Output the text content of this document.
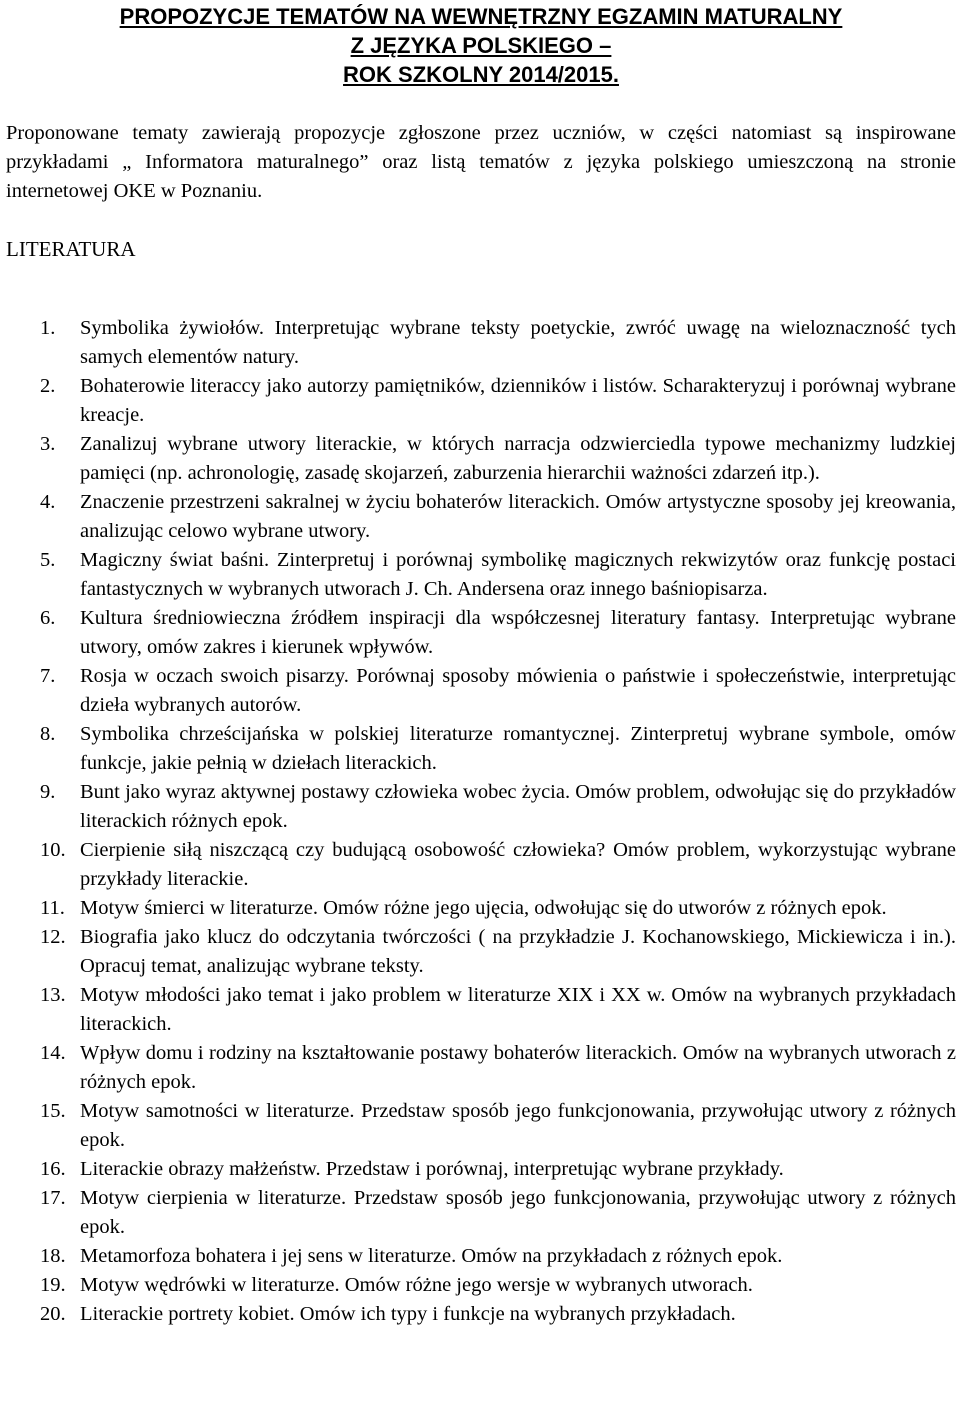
PROPOZYCJE TEMATÓW NA WEWNĘTRZNY EGZAMIN MATURALNY
Z JĘZYKA POLSKIEGO –
ROK SZKOLNY 2014/2015.

Proponowane tematy zawierają propozycje zgłoszone przez uczniów, w części natomiast są inspirowane przykładami „ Informatora maturalnego” oraz listą tematów z języka polskiego umieszczoną na stronie internetowej OKE w Poznaniu.

LITERATURA

1. Symbolika żywiołów. Interpretując wybrane teksty poetyckie, zwróć uwagę na wieloznaczność tych samych elementów natury.
2. Bohaterowie literaccy jako autorzy pamiętników, dzienników i listów. Scharakteryzuj i porównaj wybrane kreacje.
3. Zanalizuj wybrane utwory literackie, w których narracja odzwierciedla typowe mechanizmy ludzkiej pamięci (np. achronologię, zasadę skojarzeń, zaburzenia hierarchii ważności zdarzeń itp.).
4. Znaczenie przestrzeni sakralnej w życiu bohaterów literackich. Omów artystyczne sposoby jej kreowania, analizując celowo wybrane utwory.
5. Magiczny świat baśni. Zinterpretuj i porównaj symbolikę magicznych rekwizytów oraz funkcję postaci fantastycznych w wybranych utworach J. Ch. Andersena oraz innego baśniopisarza.
6. Kultura średniowieczna źródłem inspiracji dla współczesnej literatury fantasy. Interpretując wybrane utwory, omów zakres i kierunek wpływów.
7. Rosja w oczach swoich pisarzy. Porównaj sposoby mówienia o państwie i społeczeństwie, interpretując dzieła wybranych autorów.
8. Symbolika chrześcijańska w polskiej literaturze romantycznej. Zinterpretuj wybrane symbole, omów funkcje, jakie pełnią w dziełach literackich.
9. Bunt jako wyraz aktywnej postawy człowieka wobec życia. Omów problem, odwołując się do przykładów literackich różnych epok.
10. Cierpienie siłą niszczącą czy budującą osobowość człowieka? Omów problem, wykorzystując wybrane przykłady literackie.
11. Motyw śmierci w literaturze. Omów różne jego ujęcia, odwołując się do utworów z różnych epok.
12. Biografia jako klucz do odczytania twórczości ( na przykładzie J. Kochanowskiego, Mickiewicza i in.). Opracuj temat, analizując wybrane teksty.
13. Motyw młodości jako temat i jako problem w literaturze XIX i XX w. Omów na wybranych przykładach literackich.
14. Wpływ domu i rodziny na kształtowanie postawy bohaterów literackich. Omów na wybranych utworach z różnych epok.
15. Motyw samotności w literaturze. Przedstaw sposób jego funkcjonowania, przywołując utwory z różnych epok.
16. Literackie obrazy małżeństw. Przedstaw i porównaj, interpretując wybrane przykłady.
17. Motyw cierpienia w literaturze. Przedstaw sposób jego funkcjonowania, przywołując utwory z różnych epok.
18. Metamorfoza bohatera i jej sens w literaturze. Omów na przykładach z różnych epok.
19. Motyw wędrówki w literaturze. Omów różne jego wersje w wybranych utworach.
20. Literackie portrety kobiet. Omów ich typy i funkcje na wybranych przykładach.
